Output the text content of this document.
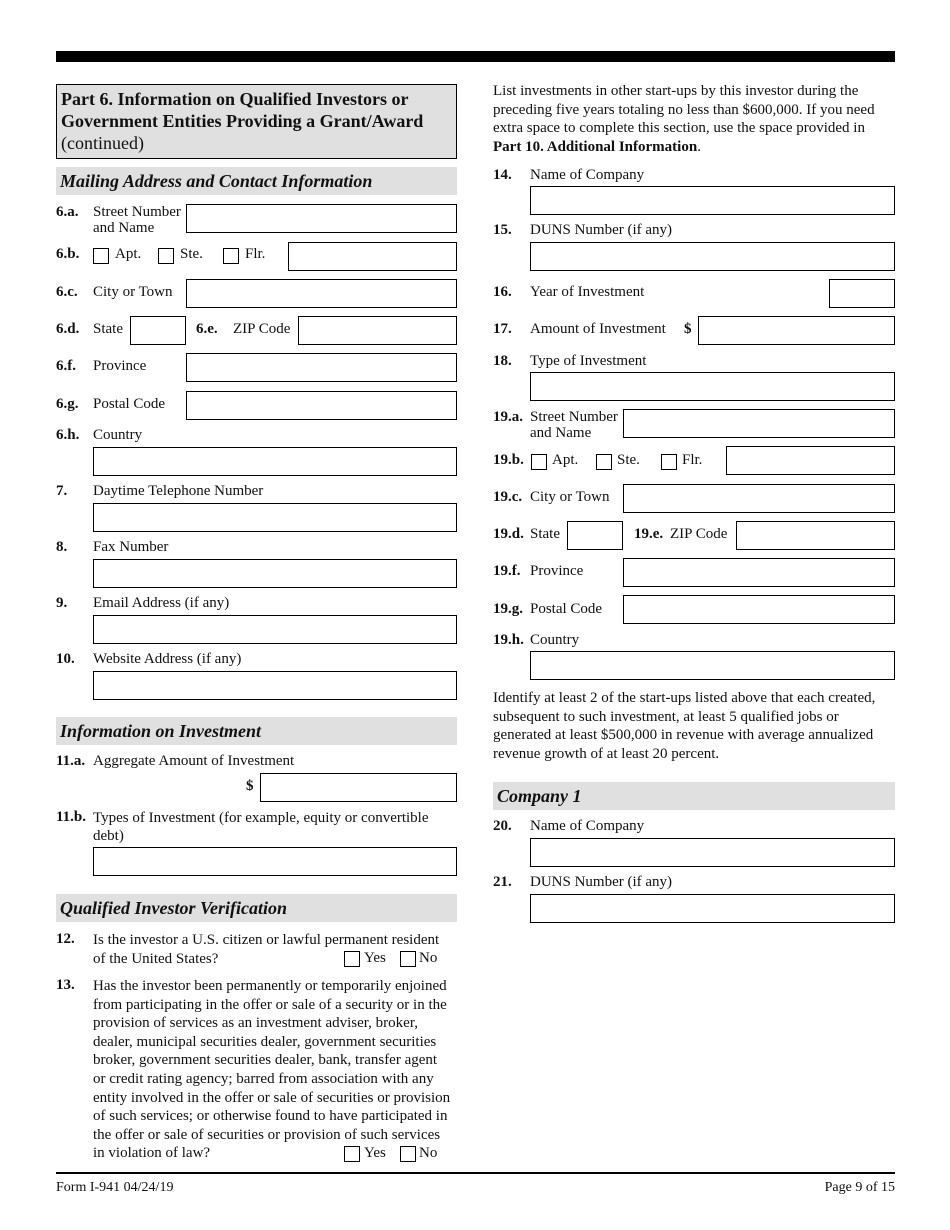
Part 6. Information on Qualified Investors or Government Entities Providing a Grant/Award
(continued)
Mailing Address and Contact Information
6.a. Street Number
and Name
6.b. Apt.	Ste.	Flr.
6.c. City or Town
6.d. State	6.e. ZIP Code
6.f. Province
6.g. Postal Code
6.h. Country
7. Daytime Telephone Number
8. Fax Number
9. Email Address (if any)
10. Website Address (if any)
Information on Investment
11.a. Aggregate Amount of Investment
$
11.b. Types of Investment (for example, equity or convertible
debt)
Qualified Investor Verification
12. Is the investor a U.S. citizen or lawful permanent resident
of the United States?	Yes No
13. Has the investor been permanently or temporarily enjoined
from participating in the offer or sale of a security or in the
provision of services as an investment adviser, broker,
dealer, municipal securities dealer, government securities
broker, government securities dealer, bank, transfer agent
or credit rating agency; barred from association with any
entity involved in the offer or sale of securities or provision
of such services; or otherwise found to have participated in
the offer or sale of securities or provision of such services
in violation of law?	Yes No
List investments in other start-ups by this investor during the
preceding five years totaling no less than $600,000. If you need
extra space to complete this section, use the space provided in
Part 10. Additional Information.
14. Name of Company
15. DUNS Number (if any)
16. Year of Investment
17. Amount of Investment $
18. Type of Investment
19.a. Street Number
and Name
19.b. Apt.	Ste.	Flr.
19.c. City or Town
19.d. State	19.e. ZIP Code
19.f. Province
19.g. Postal Code
19.h. Country
Identify at least 2 of the start-ups listed above that each created,
subsequent to such investment, at least 5 qualified jobs or
generated at least $500,000 in revenue with average annualized
revenue growth of at least 20 percent.
Company 1
20. Name of Company
21. DUNS Number (if any)
Form I-941 04/24/19	Page 9 of 15
